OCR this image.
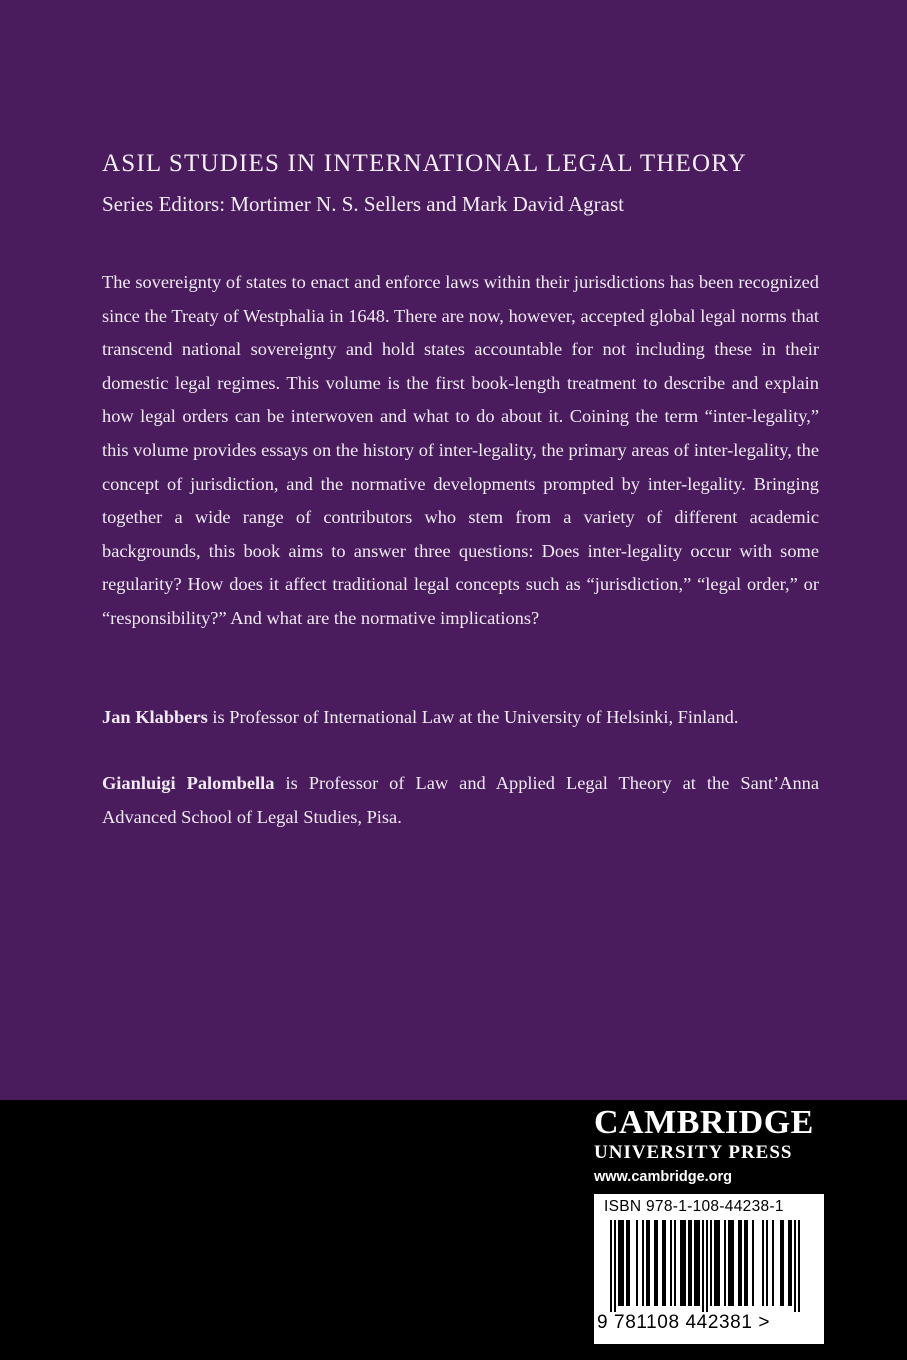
ASIL STUDIES IN INTERNATIONAL LEGAL THEORY
Series Editors: Mortimer N. S. Sellers and Mark David Agrast

The sovereignty of states to enact and enforce laws within their jurisdictions has been recognized since the Treaty of Westphalia in 1648. There are now, however, accepted global legal norms that transcend national sovereignty and hold states accountable for not including these in their domestic legal regimes. This volume is the first book-length treatment to describe and explain how legal orders can be interwoven and what to do about it. Coining the term “inter-legality,” this volume provides essays on the history of inter-legality, the primary areas of inter-legality, the concept of jurisdiction, and the normative developments prompted by inter-legality. Bringing together a wide range of contributors who stem from a variety of different academic backgrounds, this book aims to answer three questions: Does inter-legality occur with some regularity? How does it affect traditional legal concepts such as “jurisdiction,” “legal order,” or “responsibility?” And what are the normative implications?

Jan Klabbers is Professor of International Law at the University of Helsinki, Finland.

Gianluigi Palombella is Professor of Law and Applied Legal Theory at the Sant’Anna Advanced School of Legal Studies, Pisa.

CAMBRIDGE
UNIVERSITY PRESS
www.cambridge.org
ISBN 978-1-108-44238-1
9 781108 442381 >
